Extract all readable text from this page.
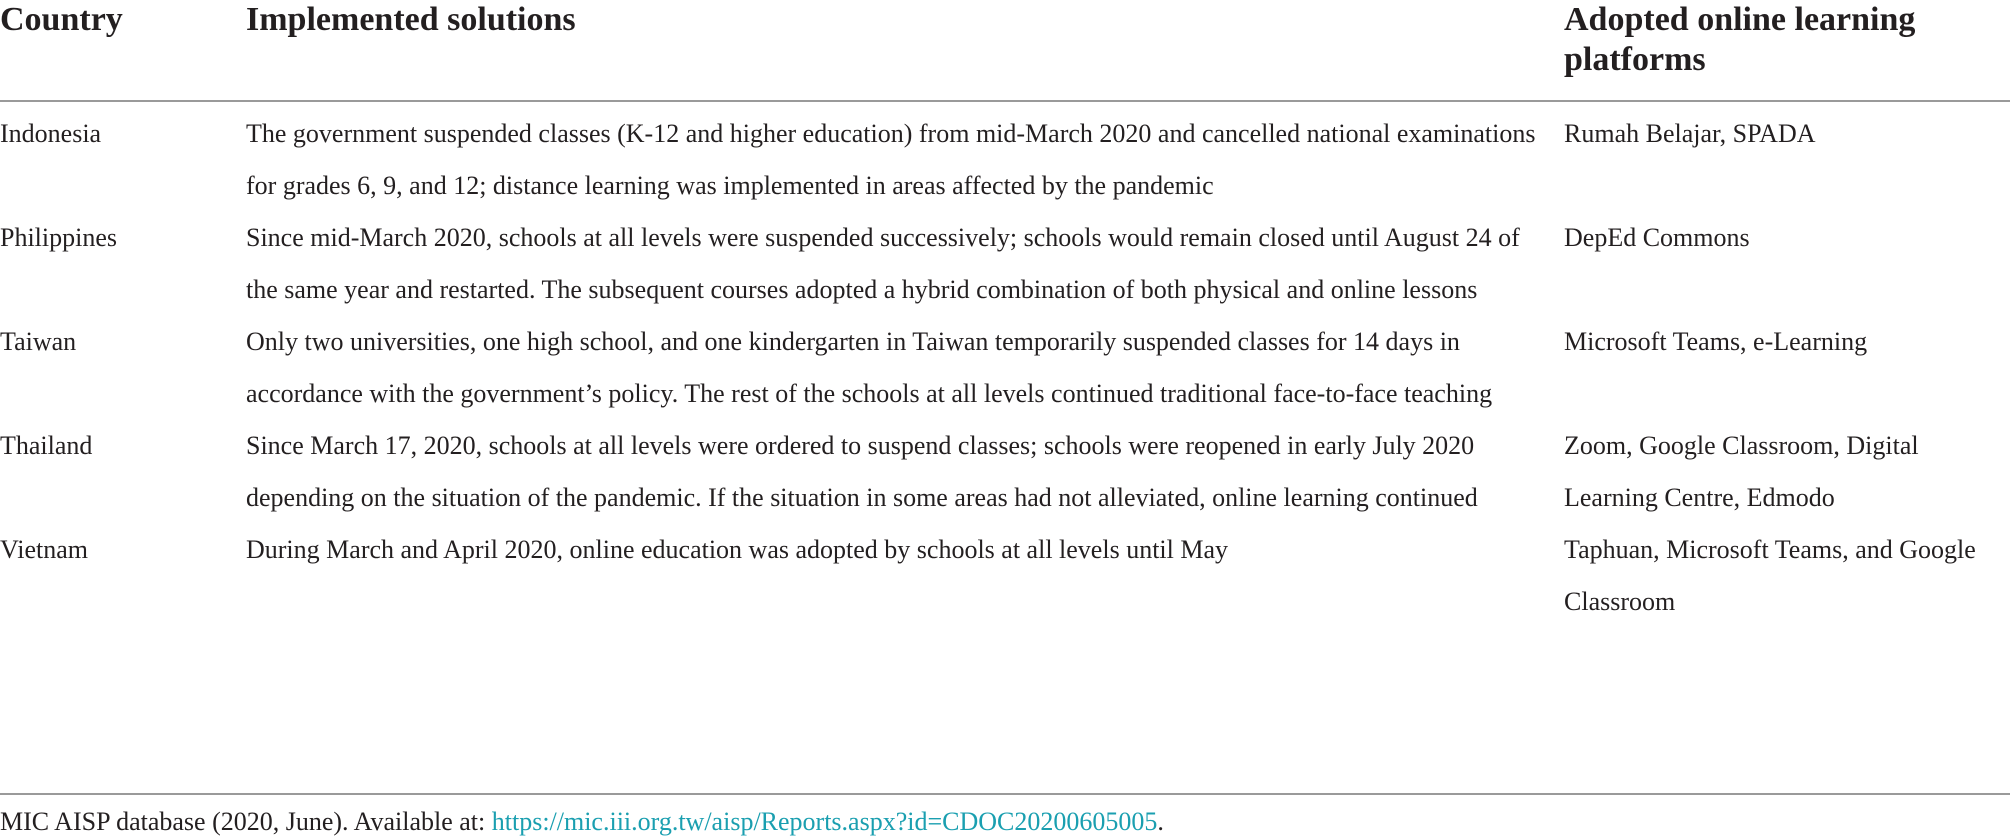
Country	Implemented solutions	Adopted online learning platforms
Indonesia	The government suspended classes (K-12 and higher education) from mid-March 2020 and cancelled national examinations for grades 6, 9, and 12; distance learning was implemented in areas affected by the pandemic	Rumah Belajar, SPADA
Philippines	Since mid-March 2020, schools at all levels were suspended successively; schools would remain closed until August 24 of the same year and restarted. The subsequent courses adopted a hybrid combination of both physical and online lessons	DepEd Commons
Taiwan	Only two universities, one high school, and one kindergarten in Taiwan temporarily suspended classes for 14 days in accordance with the government’s policy. The rest of the schools at all levels continued traditional face-to-face teaching	Microsoft Teams, e-Learning
Thailand	Since March 17, 2020, schools at all levels were ordered to suspend classes; schools were reopened in early July 2020 depending on the situation of the pandemic. If the situation in some areas had not alleviated, online learning continued	Zoom, Google Classroom, Digital Learning Centre, Edmodo
Vietnam	During March and April 2020, online education was adopted by schools at all levels until May	Taphuan, Microsoft Teams, and Google Classroom
MIC AISP database (2020, June). Available at: https://mic.iii.org.tw/aisp/Reports.aspx?id=CDOC20200605005.
